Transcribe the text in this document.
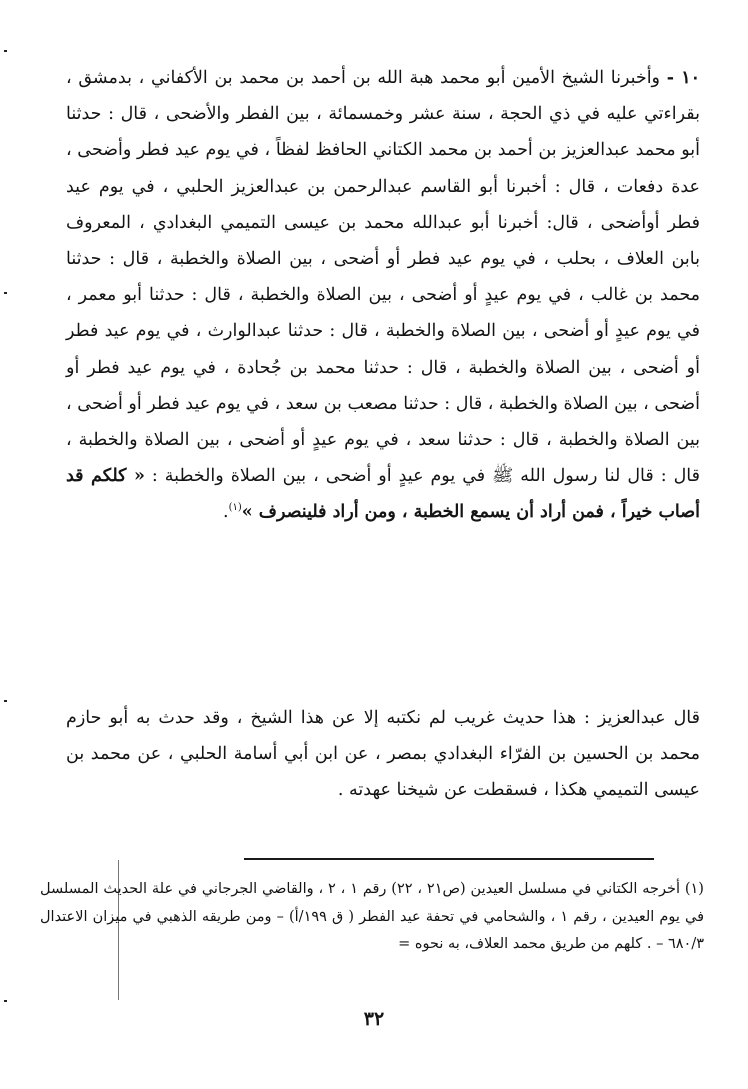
١٠ - وأخبرنا الشيخ الأمين أبو محمد هبة الله بن أحمد بن محمد بن الأكفاني ، بدمشق ، بقراءتي عليه في ذي الحجة ، سنة عشر وخمسمائة ، بين الفطر والأضحى ، قال : حدثنا أبو محمد عبدالعزيز بن أحمد بن محمد الكتاني الحافظ لفظاً ، في يوم عيد فطر وأضحى ، عدة دفعات ، قال : أخبرنا أبو القاسم عبدالرحمن بن عبدالعزيز الحلبي ، في يوم عيد فطر أوأضحى ، قال: أخبرنا أبو عبدالله محمد بن عيسى التميمي البغدادي ، المعروف بابن العلاف ، بحلب ، في يوم عيد فطر أو أضحى ، بين الصلاة والخطبة ، قال : حدثنا محمد بن غالب ، في يوم عيدٍ أو أضحى ، بين الصلاة والخطبة ، قال : حدثنا أبو معمر ، في يوم عيدٍ أو أضحى ، بين الصلاة والخطبة ، قال : حدثنا عبدالوارث ، في يوم عيد فطر أو أضحى ، بين الصلاة والخطبة ، قال : حدثنا محمد بن جُحادة ، في يوم عيد فطر أو أضحى ، بين الصلاة والخطبة ، قال : حدثنا مصعب بن سعد ، في يوم عيد فطر أو أضحى ، بين الصلاة والخطبة ، قال : حدثنا سعد ، في يوم عيدٍ أو أضحى ، بين الصلاة والخطبة ، قال : قال لنا رسول الله ﷺ في يوم عيدٍ أو أضحى ، بين الصلاة والخطبة : « كلكم قد أصاب خيراً ، فمن أراد أن يسمع الخطبة ، ومن أراد فلينصرف »$^{(١)}$.

قال عبدالعزيز : هذا حديث غريب لم نكتبه إلا عن هذا الشيخ ، وقد حدث به أبو حازم محمد بن الحسين بن الفرّاء البغدادي بمصر ، عن ابن أبي أسامة الحلبي ، عن محمد بن عيسى التميمي هكذا ، فسقطت عن شيخنا عهدته .

(١) أخرجه الكتاني في مسلسل العيدين (ص٢١ ، ٢٢) رقم ١ ، ٢ ، والقاضي الجرجاني في علة الحديث المسلسل في يوم العيدين ، رقم ١ ، والشحامي في تحفة عيد الفطر ( ق ١٩٩/أ) – ومن طريقه الذهبي في ميزان الاعتدال ٦٨٠/٣ – . كلهم من طريق محمد العلاف، به نحوه =

٣٢
